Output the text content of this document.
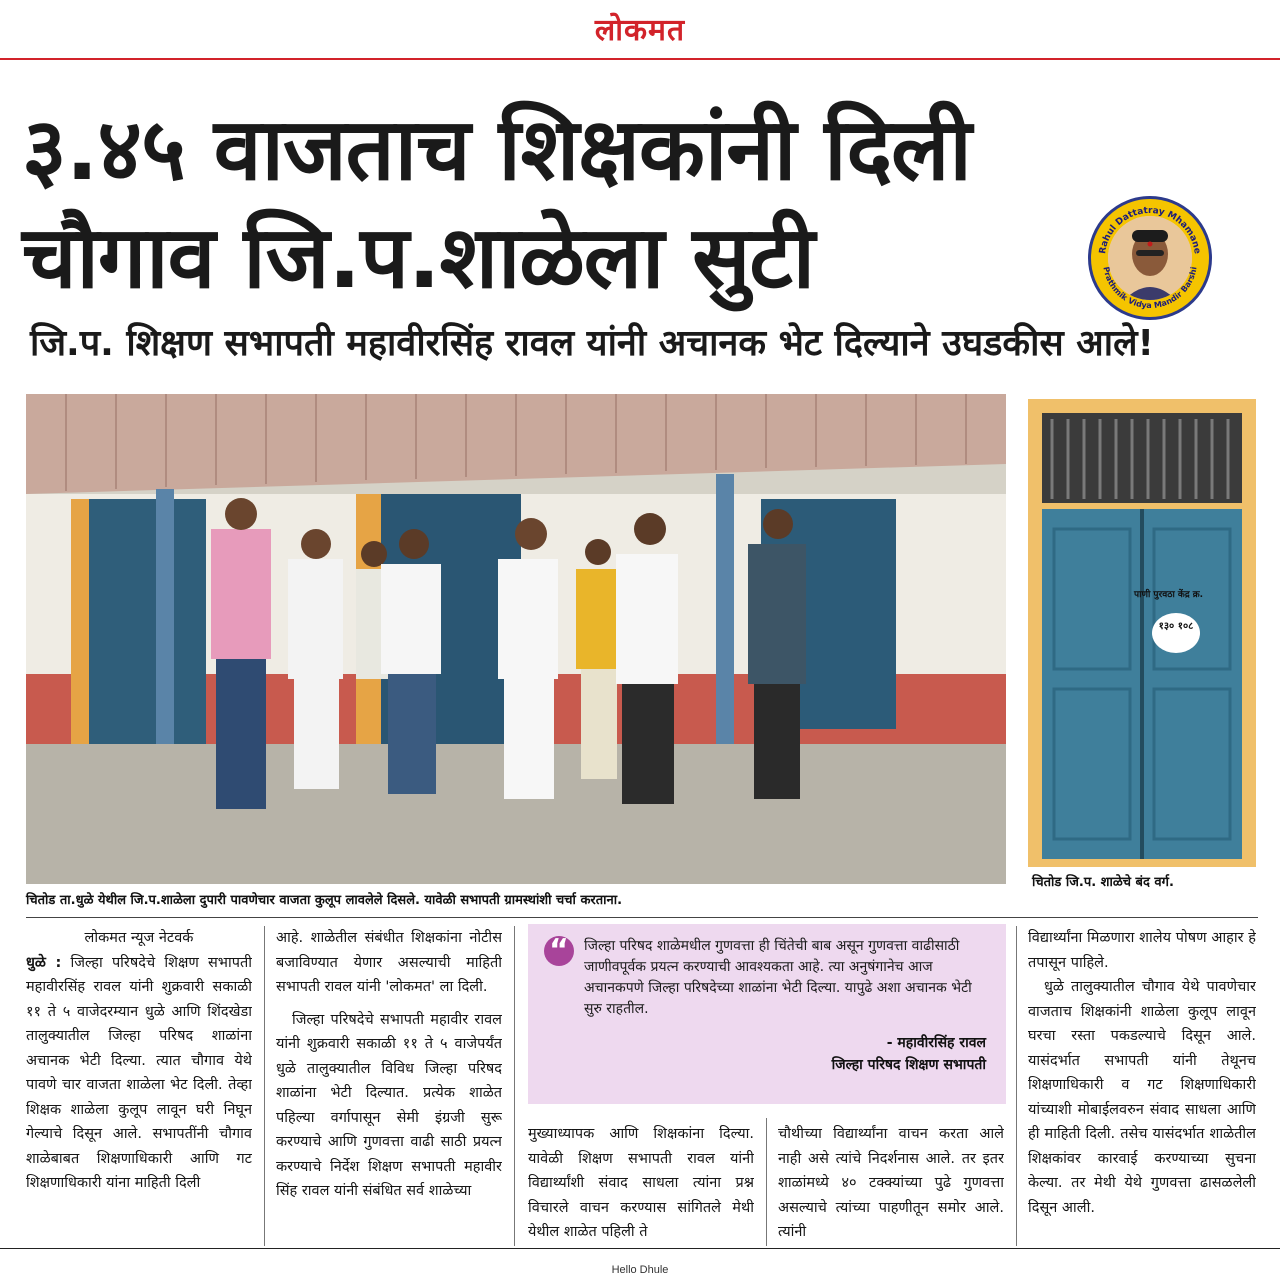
लोकमत
३.४५ वाजताच शिक्षकांनी दिली
चौगाव जि.प.शाळेला सुटी
जि.प. शिक्षण सभापती महावीरसिंह रावल यांनी अचानक भेट दिल्याने उघडकीस आले!
Rahul Dattatray Mhamane
Prathmik Vidya Mandir Barshi
पाणी पुरवठा केंद्र क्र.
१३० १०८
चितोड ता.धुळे येथील जि.प.शाळेला दुपारी पावणेचार वाजता कुलूप लावलेले दिसले. यावेळी सभापती ग्रामस्थांशी चर्चा करताना.
चितोड जि.प. शाळेचे बंद वर्ग.

लोकमत न्यूज नेटवर्क

धुळे : जिल्हा परिषदेचे शिक्षण सभापती महावीरसिंह रावल यांनी शुक्रवारी सकाळी ११ ते ५ वाजेदरम्यान धुळे आणि शिंदखेडा तालुक्यातील जिल्हा परिषद शाळांना अचानक भेटी दिल्या. त्यात चौगाव येथे पावणे चार वाजता शाळेला भेट दिली. तेव्हा शिक्षक शाळेला कुलूप लावून घरी निघून गेल्याचे दिसून आले. सभापतींनी चौगाव शाळेबाबत शिक्षणाधिकारी आणि गट शिक्षणाधिकारी यांना माहिती दिली

आहे. शाळेतील संबंधीत शिक्षकांना नोटीस बजाविण्यात येणार असल्याची माहिती सभापती रावल यांनी 'लोकमत' ला दिली.

जिल्हा परिषदेचे सभापती महावीर रावल यांनी शुक्रवारी सकाळी ११ ते ५ वाजेपर्यंत धुळे तालुक्यातील विविध जिल्हा परिषद शाळांना भेटी दिल्यात. प्रत्येक शाळेत पहिल्या वर्गापासून सेमी इंग्रजी सुरू करण्याचे आणि गुणवत्ता वाढी साठी प्रयत्न करण्याचे निर्देश शिक्षण सभापती महावीर सिंह रावल यांनी संबंधित सर्व शाळेच्या

“	जिल्हा परिषद शाळेमधील गुणवत्ता ही चिंतेची बाब असून गुणवत्ता वाढीसाठी जाणीवपूर्वक प्रयत्न करण्याची आवश्यकता आहे. त्या अनुषंगानेच आज अचानकपणे जिल्हा परिषदेच्या शाळांना भेटी दिल्या. यापुढे अशा अचानक भेटी सुरु राहतील.
- महावीरसिंह रावल
जिल्हा परिषद शिक्षण सभापती

मुख्याध्यापक आणि शिक्षकांना दिल्या. यावेळी शिक्षण सभापती रावल यांनी विद्यार्थ्यांशी संवाद साधला त्यांना प्रश्न विचारले वाचन करण्यास सांगितले मेथी येथील शाळेत पहिली ते

चौथीच्या विद्यार्थ्यांना वाचन करता आले नाही असे त्यांचे निदर्शनास आले. तर इतर शाळांमध्ये ४० टक्क्यांच्या पुढे गुणवत्ता असल्याचे त्यांच्या पाहणीतून समोर आले. त्यांनी

विद्यार्थ्यांना मिळणारा शालेय पोषण आहार हे तपासून पाहिले.

धुळे तालुक्यातील चौगाव येथे पावणेचार वाजताच शिक्षकांनी शाळेला कुलूप लावून घरचा रस्ता पकडल्याचे दिसून आले. यासंदर्भात सभापती यांनी तेथूनच शिक्षणाधिकारी व गट शिक्षणाधिकारी यांच्याशी मोबाईलवरुन संवाद साधला आणि ही माहिती दिली. तसेच यासंदर्भात शाळेतील शिक्षकांवर कारवाई करण्याच्या सुचना केल्या. तर मेथी येथे गुणवत्ता ढासळलेली दिसून आली.

Hello Dhule
